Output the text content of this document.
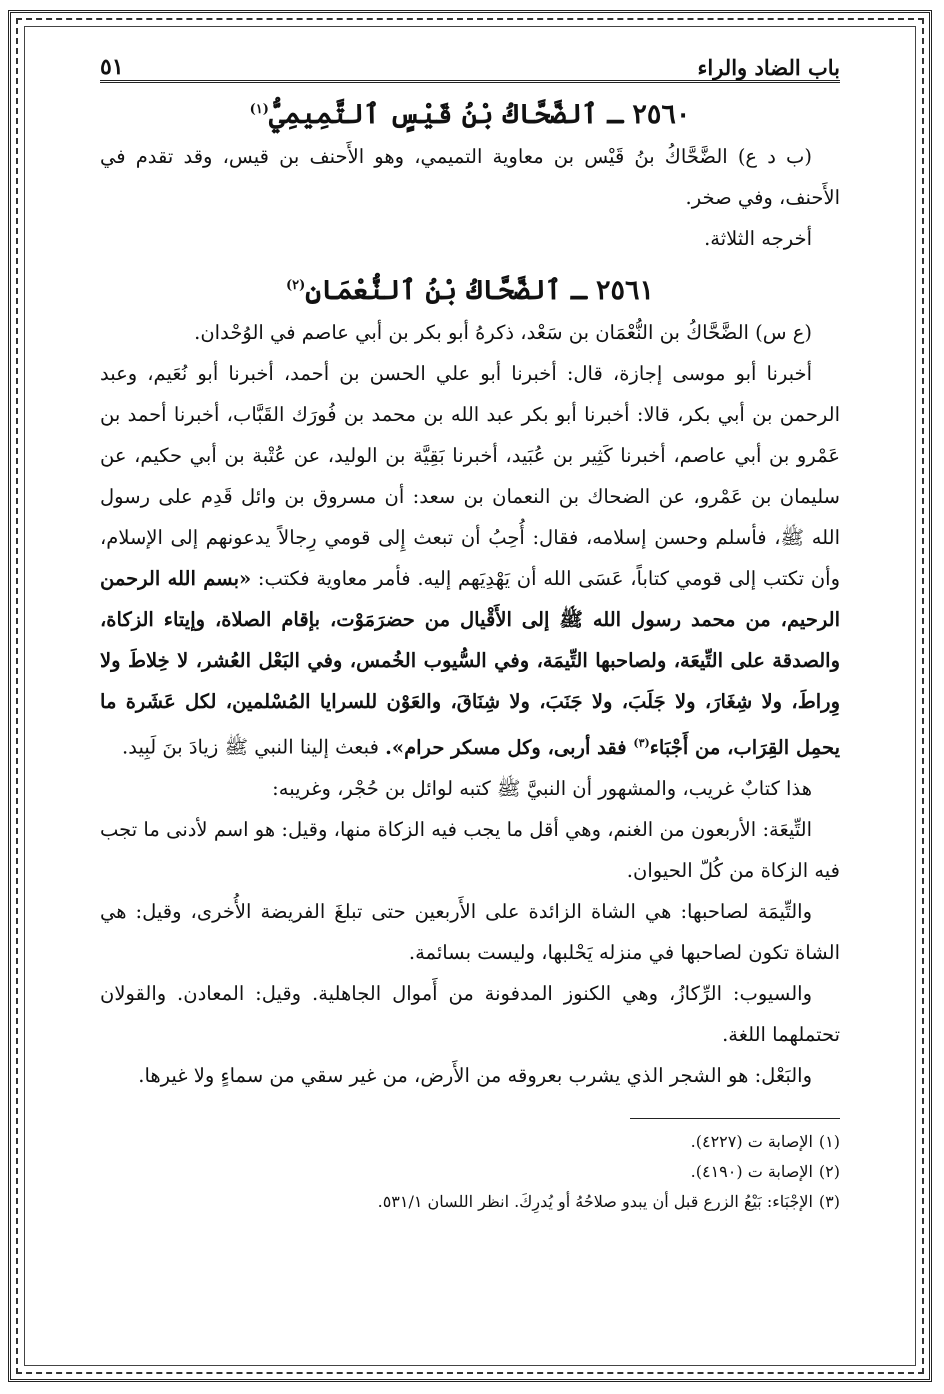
باب الضاد والراء
٥١
٢٥٦٠ ـ ٱلضَّحَّاكُ بْنُ قَيْسٍ ٱلتَّمِيمِيُّ$^{(١)}$

(ب د ع) الضَّحَّاكُ بنُ قَيْس بن معاوية التميمي، وهو الأَحنف بن قيس، وقد تقدم في الأَحنف، وفي صخر.

أخرجه الثلاثة.

٢٥٦١ ـ ٱلضَّحَّاكُ بْنُ ٱلنُّعْمَانِ$^{(٢)}$

(ع س) الضَّحَّاكُ بن النُّعْمَان بن سَعْد، ذكرهُ أبو بكر بن أبي عاصم في الوُحْدان.

أخبرنا أبو موسى إجازة، قال: أخبرنا أبو علي الحسن بن أحمد، أخبرنا أبو نُعَيم، وعبد الرحمن بن أبي بكر، قالا: أخبرنا أبو بكر عبد الله بن محمد بن فُورَك القَبَّاب، أخبرنا أحمد بن عَمْرو بن أبي عاصم، أخبرنا كَثِير بن عُبَيد، أخبرنا بَقِيَّة بن الوليد، عن عُتْبة بن أبي حكيم، عن سليمان بن عَمْرو، عن الضحاك بن النعمان بن سعد: أن مسروق بن وائل قَدِم على رسول الله ﷺ، فأسلم وحسن إسلامه، فقال: أُحِبُ أن تبعث إِلى قومي رِجالاً يدعونهم إلى الإسلام، وأن تكتب إلى قومي كتاباً، عَسَى الله أن يَهْدِيَهم إليه. فأمر معاوية فكتب: «بسم الله الرحمن الرحيم، من محمد رسول الله ﷺ إلى الأَقْيال من حضرَمَوْت، بإقام الصلاة، وإيتاء الزكاة، والصدقة على التِّيعَة، ولصاحبها التِّيمَة، وفي السُّيوب الخُمس، وفي البَعْل العُشر، لا خِلاطَ ولا وِراطَ، ولا شِغَارَ، ولا جَلَبَ، ولا جَنَبَ، ولا شِنَاقَ، والعَوْن للسرايا المُسْلمين، لكل عَشَرة ما يحمِل القِرَاب، من أَجْبَاء$^{(٣)}$ فقد أربى، وكل مسكر حرام». فبعث إلينا النبي ﷺ زيادَ بنَ لَبِيد.

هذا كتابٌ غريب، والمشهور أن النبيَّ ﷺ كتبه لوائل بن حُجْر، وغريبه:

التِّيعَة: الأربعون من الغنم، وهي أقل ما يجب فيه الزكاة منها، وقيل: هو اسم لأدنى ما تجب فيه الزكاة من كُلّ الحيوان.

والتِّيمَة لصاحبها: هي الشاة الزائدة على الأَربعين حتى تبلغَ الفريضة الأُخرى، وقيل: هي الشاة تكون لصاحبها في منزله يَحْلبها، وليست بسائمة.

والسيوب: الرِّكازُ، وهي الكنوز المدفونة من أَموال الجاهلية. وقيل: المعادن. والقولان تحتملهما اللغة.

والبَعْل: هو الشجر الذي يشرب بعروقه من الأَرض، من غير سقي من سماءٍ ولا غيرها.

(١)الإصابة ت (٤٢٢٧).
(٢)الإصابة ت (٤١٩٠).
(٣)الإجْبَاء: بَيْعُ الزرع قبل أن يبدو صلاحُهُ أو يُدرِكَ. انظر اللسان ٥٣١/١.
